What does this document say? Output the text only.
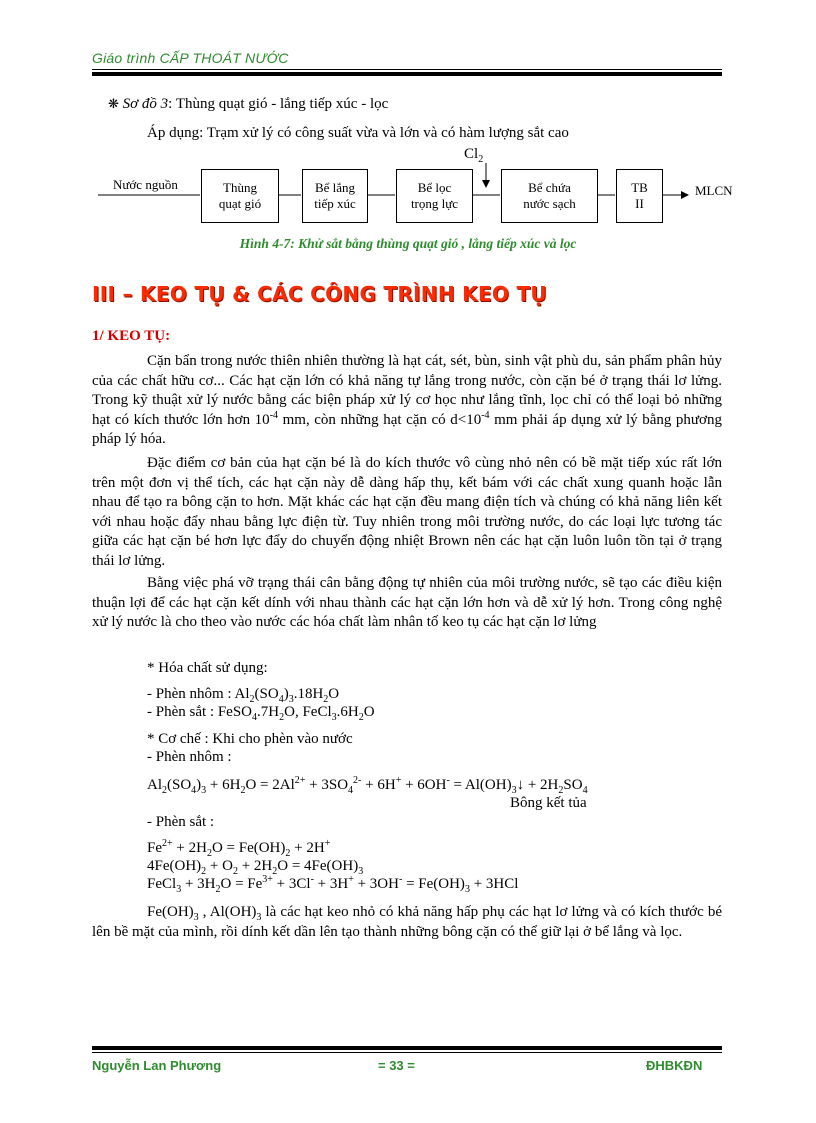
Giáo trình CẤP THOÁT NƯỚC
❋ Sơ đồ 3: Thùng quạt gió - lắng tiếp xúc - lọc
Áp dụng: Trạm xử lý có công suất vừa và lớn và có hàm lượng sắt cao
$Cl_2$
Nước nguồn	Thùng
quạt gió
Bể lắng
tiếp xúc
Bể lọc
trọng lực
Bể chứa
nước sạch
TB
II
MLCN
Hình 4-7: Khử sắt bằng thùng quạt gió , lắng tiếp xúc và lọc
III – KEO TỤ & CÁC CÔNG TRÌNH KEO TỤ
1/ KEO TỤ:
Cặn bẩn trong nước thiên nhiên thường là hạt cát, sét, bùn, sinh vật phù du, sản phẩm phân hủy của các chất hữu cơ... Các hạt cặn lớn có khả năng tự lắng trong nước, còn cặn bé ở trạng thái lơ lửng. Trong kỹ thuật xử lý nước bằng các biện pháp xử lý cơ học như lắng tĩnh, lọc chỉ có thể loại bỏ những hạt có kích thước lớn hơn $10^{-4}$ mm, còn những hạt cặn có $d<10^{-4}$ mm phải áp dụng xử lý bằng phương pháp lý hóa.
Đặc điểm cơ bản của hạt cặn bé là do kích thước vô cùng nhỏ nên có bề mặt tiếp xúc rất lớn trên một đơn vị thể tích, các hạt cặn này dễ dàng hấp thụ, kết bám với các chất xung quanh hoặc lẫn nhau để tạo ra bông cặn to hơn. Mặt khác các hạt cặn đều mang điện tích và chúng có khả năng liên kết với nhau hoặc đẩy nhau bằng lực điện từ. Tuy nhiên trong môi trường nước, do các loại lực tương tác giữa các hạt cặn bé hơn lực đẩy do chuyển động nhiệt Brown nên các hạt cặn luôn luôn tồn tại ở trạng thái lơ lửng.
Bằng việc phá vỡ trạng thái cân bằng động tự nhiên của môi trường nước, sẽ tạo các điều kiện thuận lợi để các hạt cặn kết dính với nhau thành các hạt cặn lớn hơn và dễ xử lý hơn. Trong công nghệ xử lý nước là cho theo vào nước các hóa chất làm nhân tố keo tụ các hạt cặn lơ lửng
* Hóa chất sử dụng:
- Phèn nhôm : $Al_2(SO_4)_3.18H_2O$
- Phèn sắt : $FeSO_4.7H_2O$, $FeCl_3.6H_2O$
* Cơ chế : Khi cho phèn vào nước
- Phèn nhôm :
$Al_2(SO_4)_3 + 6H_2O = 2Al^{2+} + 3SO_4^{2-} + 6H^+ + 6OH^-$ = $Al(OH)_3↓ + 2H_2SO_4$
Bông kết tủa
- Phèn sắt :
$Fe^{2+} + 2H_2O = Fe(OH)_2 + 2H^+$
$4Fe(OH)_2 + O_2 + 2H_2O = 4Fe(OH)_3$
FeCl$_3$ + $3H_2O = Fe^{3+} + 3Cl^- + 3H^+ + 3OH^- = Fe(OH)_3 + 3HCl$
$Fe(OH)_3$ , $Al(OH)_3$ là các hạt keo nhỏ có khả năng hấp phụ các hạt lơ lửng và có kích thước bé lên bề mặt của mình, rồi dính kết dần lên tạo thành những bông cặn có thể giữ lại ở bể lắng và lọc.
Nguyễn Lan Phương	= 33 =	ĐHBKĐN
